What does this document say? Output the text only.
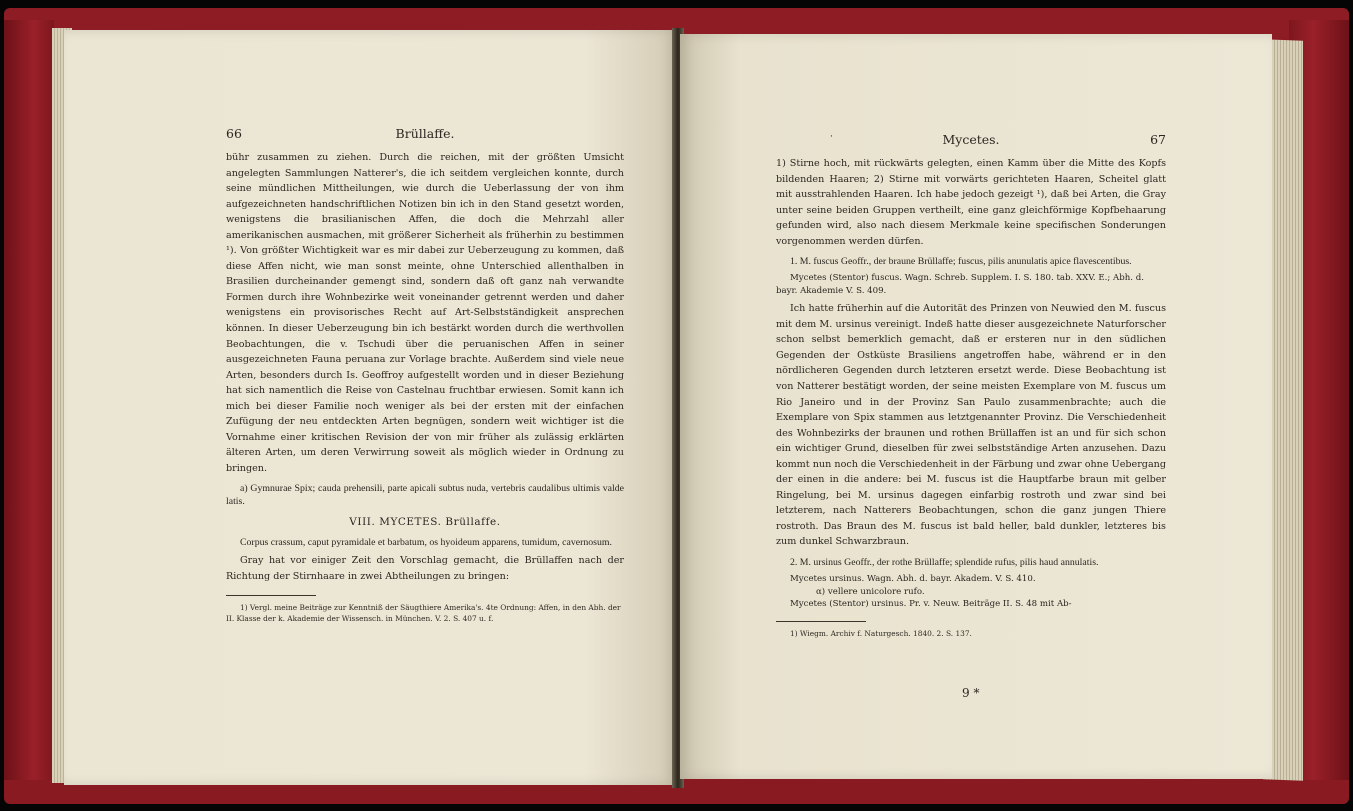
66	Brüllaffe.

bühr zusammen zu ziehen. Durch die reichen, mit der größten Umsicht angelegten Sammlungen Natterer's, die ich seitdem vergleichen konnte, durch seine mündlichen Mittheilungen, wie durch die Ueberlassung der von ihm aufgezeichneten handschriftlichen Notizen bin ich in den Stand gesetzt worden, wenigstens die brasilianischen Affen, die doch die Mehrzahl aller amerikanischen ausmachen, mit größerer Sicherheit als früherhin zu bestimmen ¹). Von größter Wichtigkeit war es mir dabei zur Ueberzeugung zu kommen, daß diese Affen nicht, wie man sonst meinte, ohne Unterschied allenthalben in Brasilien durcheinander gemengt sind, sondern daß oft ganz nah verwandte Formen durch ihre Wohnbezirke weit voneinander getrennt werden und daher wenigstens ein provisorisches Recht auf Art-Selbstständigkeit ansprechen können. In dieser Ueberzeugung bin ich bestärkt worden durch die werthvollen Beobachtungen, die v. Tschudi über die peruanischen Affen in seiner ausgezeichneten Fauna peruana zur Vorlage brachte. Außerdem sind viele neue Arten, besonders durch Is. Geoffroy aufgestellt worden und in dieser Beziehung hat sich namentlich die Reise von Castelnau fruchtbar erwiesen. Somit kann ich mich bei dieser Familie noch weniger als bei der ersten mit der einfachen Zufügung der neu entdeckten Arten begnügen, sondern weit wichtiger ist die Vornahme einer kritischen Revision der von mir früher als zulässig erklärten älteren Arten, um deren Verwirrung soweit als möglich wieder in Ordnung zu bringen.

a) Gymnurae Spix; cauda prehensili, parte apicali subtus nuda, vertebris caudalibus ultimis valde latis.

VIII. MYCETES. Brüllaffe.

Corpus crassum, caput pyramidale et barbatum, os hyoideum apparens, tumidum, cavernosum.

Gray hat vor einiger Zeit den Vorschlag gemacht, die Brüllaffen nach der Richtung der Stirnhaare in zwei Abtheilungen zu bringen:

1) Vergl. meine Beiträge zur Kenntniß der Säugthiere Amerika's. 4te Ordnung: Affen, in den Abh. der II. Klasse der k. Akademie der Wissensch. in München. V. 2. S. 407 u. f.

·	Mycetes.	67

1) Stirne hoch, mit rückwärts gelegten, einen Kamm über die Mitte des Kopfs bildenden Haaren; 2) Stirne mit vorwärts gerichteten Haaren, Scheitel glatt mit ausstrahlenden Haaren. Ich habe jedoch gezeigt ¹), daß bei Arten, die Gray unter seine beiden Gruppen vertheilt, eine ganz gleichförmige Kopfbehaarung gefunden wird, also nach diesem Merkmale keine specifischen Sonderungen vorgenommen werden dürfen.

1. M. fuscus Geoffr., der braune Brüllaffe; fuscus, pilis anunulatis apice flavescentibus.

Mycetes (Stentor) fuscus. Wagn. Schreb. Supplem. I. S. 180. tab. XXV. E.; Abh. d. bayr. Akademie V. S. 409.

Ich hatte früherhin auf die Autorität des Prinzen von Neuwied den M. fuscus mit dem M. ursinus vereinigt. Indeß hatte dieser ausgezeichnete Naturforscher schon selbst bemerklich gemacht, daß er ersteren nur in den südlichen Gegenden der Ostküste Brasiliens angetroffen habe, während er in den nördlicheren Gegenden durch letzteren ersetzt werde. Diese Beobachtung ist von Natterer bestätigt worden, der seine meisten Exemplare von M. fuscus um Rio Janeiro und in der Provinz San Paulo zusammenbrachte; auch die Exemplare von Spix stammen aus letztgenannter Provinz. Die Verschiedenheit des Wohnbezirks der braunen und rothen Brüllaffen ist an und für sich schon ein wichtiger Grund, dieselben für zwei selbstständige Arten anzusehen. Dazu kommt nun noch die Verschiedenheit in der Färbung und zwar ohne Uebergang der einen in die andere: bei M. fuscus ist die Hauptfarbe braun mit gelber Ringelung, bei M. ursinus dagegen einfarbig rostroth und zwar sind bei letzterem, nach Natterers Beobachtungen, schon die ganz jungen Thiere rostroth. Das Braun des M. fuscus ist bald heller, bald dunkler, letzteres bis zum dunkel Schwarzbraun.

2. M. ursinus Geoffr., der rothe Brüllaffe; splendide rufus, pilis haud annulatis.

Mycetes ursinus. Wagn. Abh. d. bayr. Akadem. V. S. 410.

α) vellere unicolore rufo.

Mycetes (Stentor) ursinus. Pr. v. Neuw. Beiträge II. S. 48 mit Ab-

1) Wiegm. Archiv f. Naturgesch. 1840. 2. S. 137.

9 *
